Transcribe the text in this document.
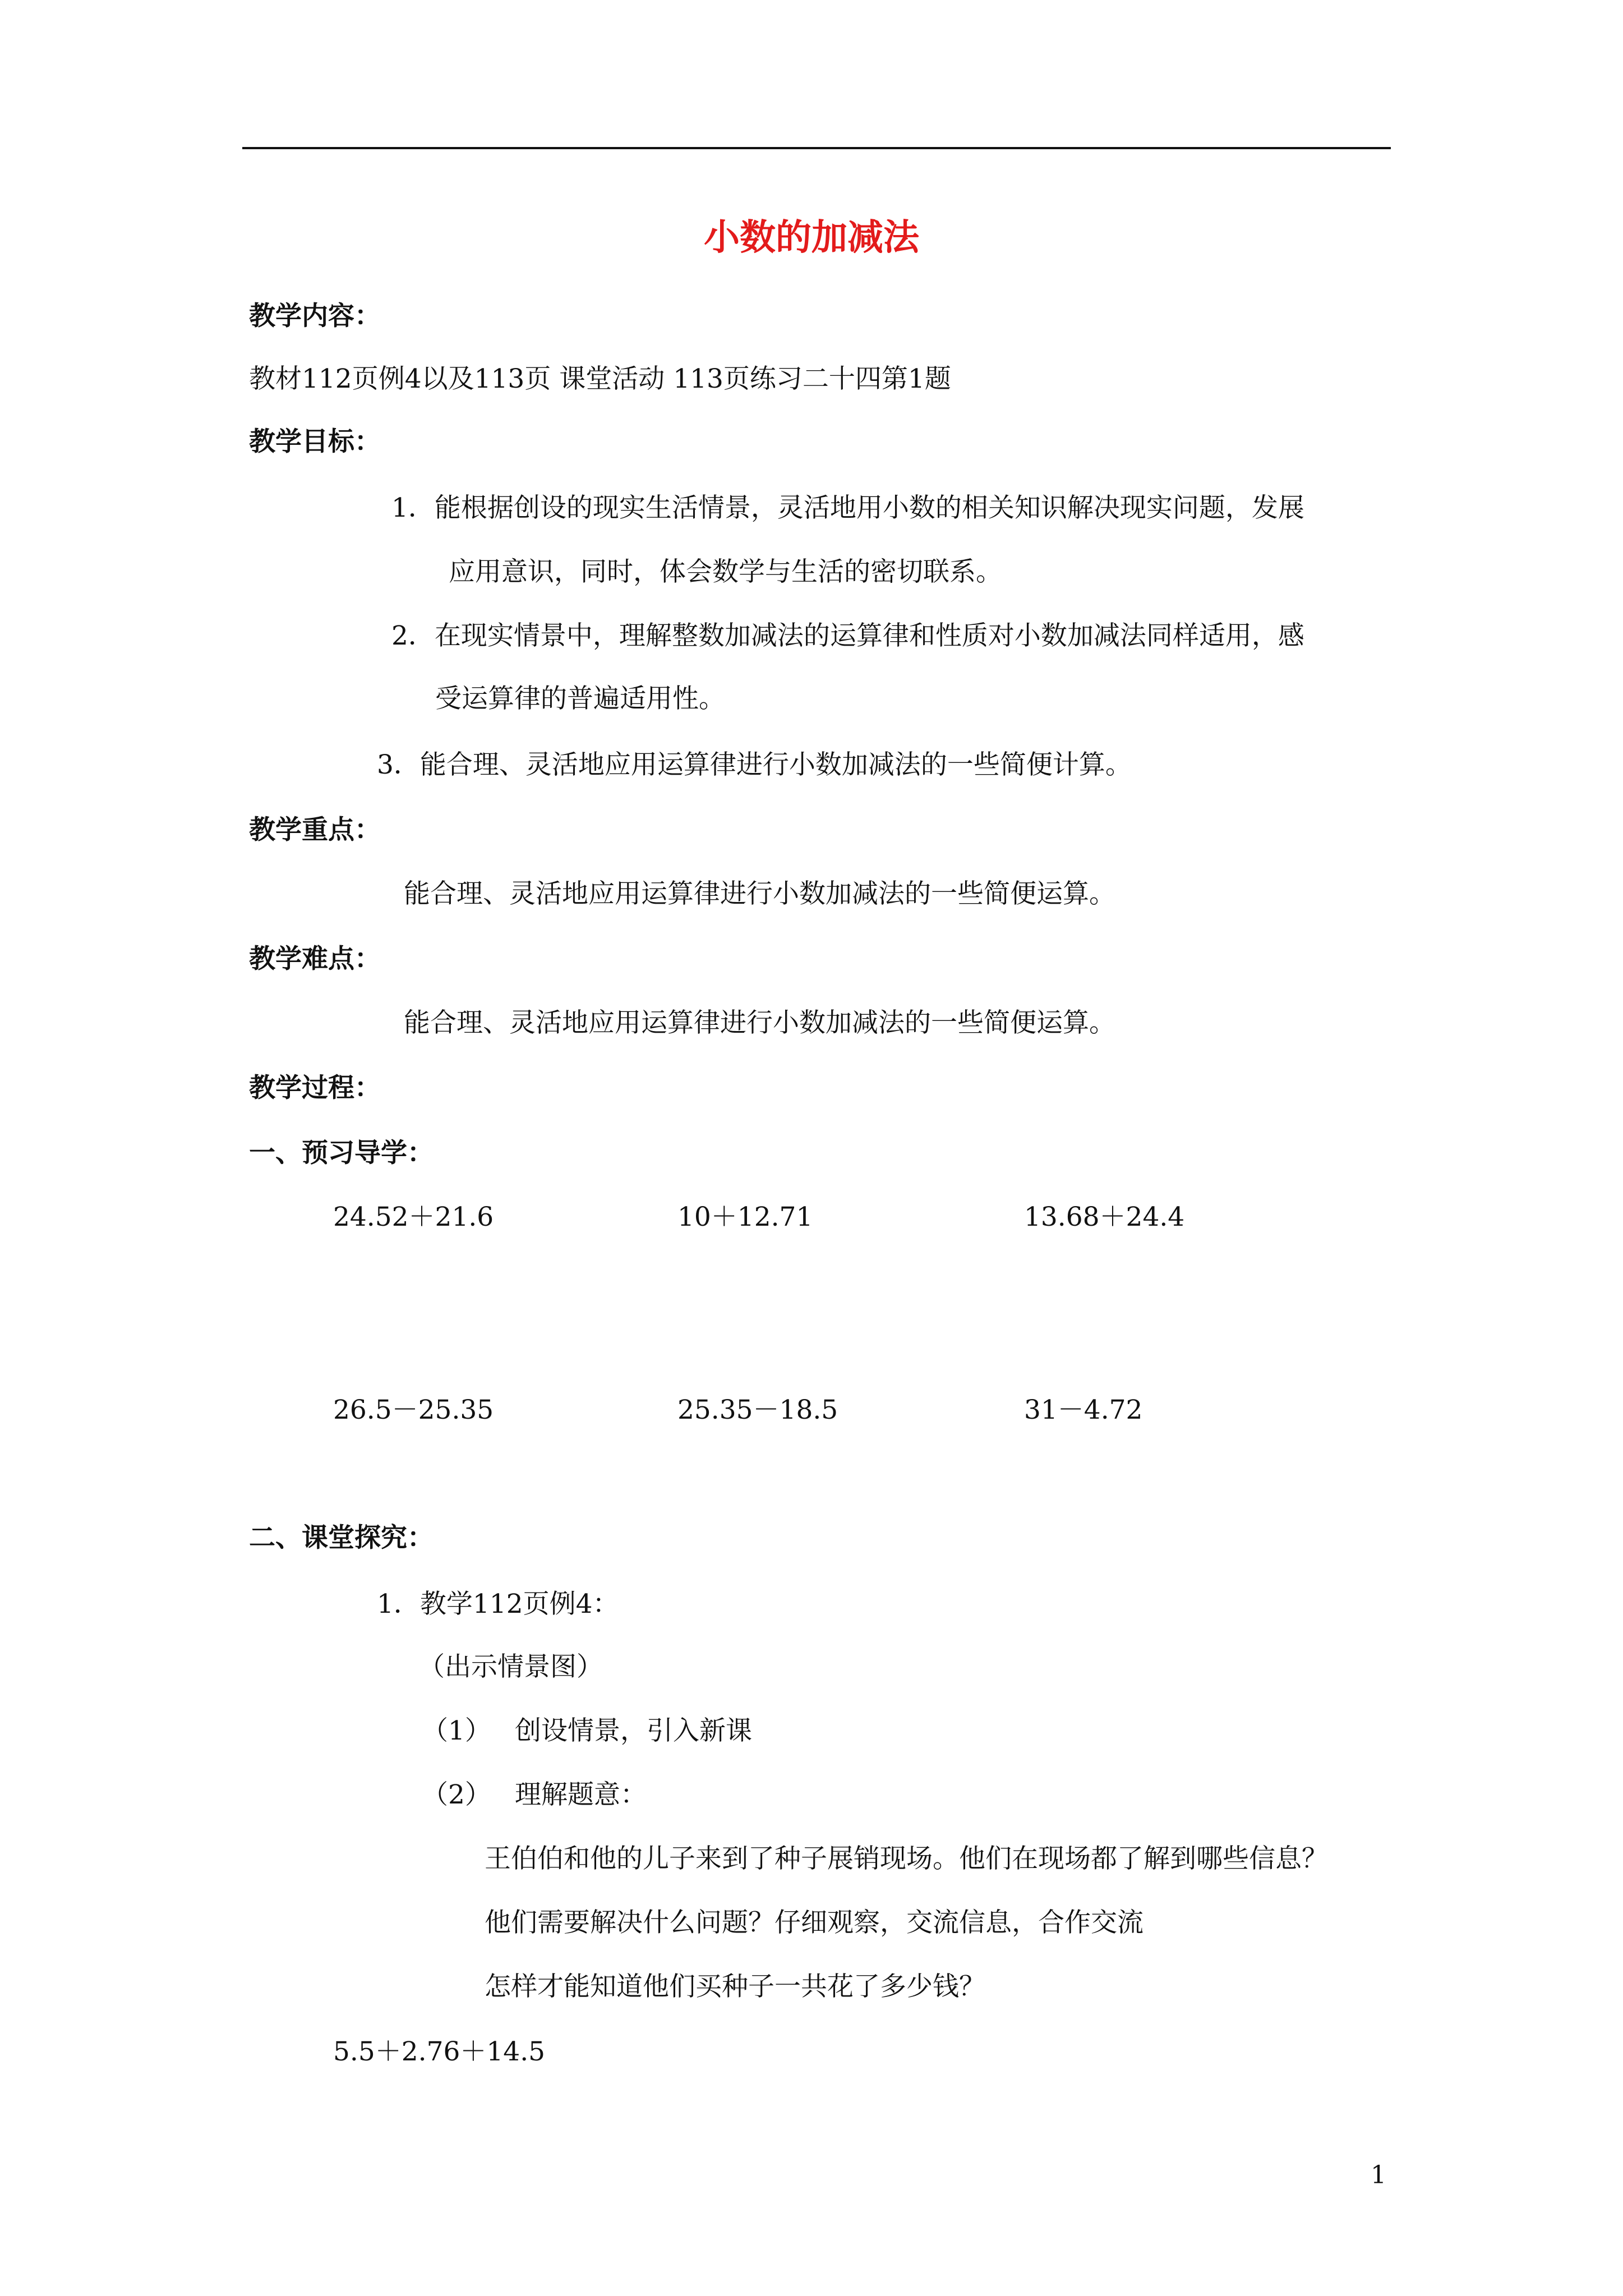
小数的加减法
教学内容：
教材112页例4以及113页 课堂活动 113页练习二十四第1题
教学目标：
1．能根据创设的现实生活情景，灵活地用小数的相关知识解决现实问题，发展
应用意识，同时，体会数学与生活的密切联系。
2．在现实情景中，理解整数加减法的运算律和性质对小数加减法同样适用，感
受运算律的普遍适用性。
3．能合理、灵活地应用运算律进行小数加减法的一些简便计算。
教学重点：
能合理、灵活地应用运算律进行小数加减法的一些简便运算。
教学难点：
能合理、灵活地应用运算律进行小数加减法的一些简便运算。
教学过程：
一、预习导学：
24.52＋21.6	10＋12.71	13.68＋24.4
26.5－25.35	25.35－18.5	31－4.72
二、课堂探究：
1．教学112页例4：
（出示情景图）
（1） 创设情景，引入新课
（2） 理解题意：
王伯伯和他的儿子来到了种子展销现场。他们在现场都了解到哪些信息？
他们需要解决什么问题？仔细观察，交流信息，合作交流
怎样才能知道他们买种子一共花了多少钱？
5.5＋2.76＋14.5
1
